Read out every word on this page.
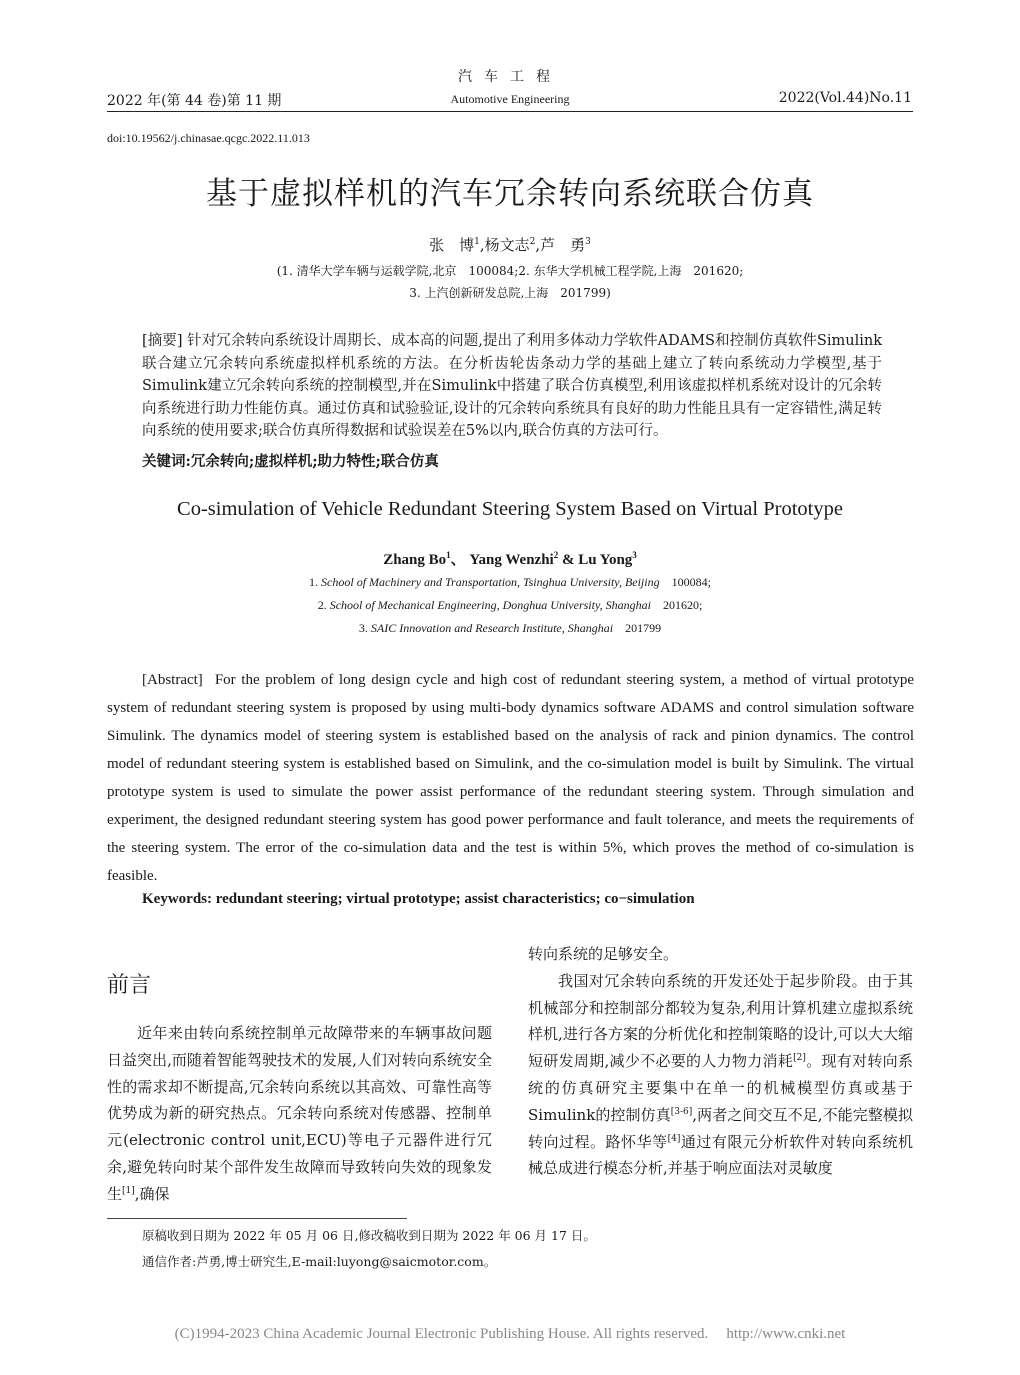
汽车工程
2022 年(第 44 卷)第 11 期	Automotive Engineering	2022(Vol.44)No.11
doi:10.19562/j.chinasae.qcgc.2022.11.013
基于虚拟样机的汽车冗余转向系统联合仿真
张　博$^1$,杨文志$^2$,芦　勇$^3$
(1. 清华大学车辆与运载学院,北京　100084;2. 东华大学机械工程学院,上海　201620;
3. 上汽创新研发总院,上海　201799)
[摘要] 针对冗余转向系统设计周期长、成本高的问题,提出了利用多体动力学软件ADAMS和控制仿真软件Simulink联合建立冗余转向系统虚拟样机系统的方法。在分析齿轮齿条动力学的基础上建立了转向系统动力学模型,基于Simulink建立冗余转向系统的控制模型,并在Simulink中搭建了联合仿真模型,利用该虚拟样机系统对设计的冗余转向系统进行助力性能仿真。通过仿真和试验验证,设计的冗余转向系统具有良好的助力性能且具有一定容错性,满足转向系统的使用要求;联合仿真所得数据和试验误差在5%以内,联合仿真的方法可行。
关键词:冗余转向;虚拟样机;助力特性;联合仿真
Co-simulation of Vehicle Redundant Steering System Based on Virtual Prototype
Zhang Bo$^1$、 Yang Wenzhi$^2$ & Lu Yong$^3$
1. School of Machinery and Transportation, Tsinghua University, Beijing 100084;
2. School of Mechanical Engineering, Donghua University, Shanghai 201620;
3. SAIC Innovation and Research Institute, Shanghai 201799
[Abstract] For the problem of long design cycle and high cost of redundant steering system, a method of virtual prototype system of redundant steering system is proposed by using multi-body dynamics software ADAMS and control simulation software Simulink. The dynamics model of steering system is established based on the analysis of rack and pinion dynamics. The control model of redundant steering system is established based on Simulink, and the co-simulation model is built by Simulink. The virtual prototype system is used to simulate the power assist performance of the redundant steering system. Through simulation and experiment, the designed redundant steering system has good power performance and fault tolerance, and meets the requirements of the steering system. The error of the co-simulation data and the test is within 5%, which proves the method of co-simulation is feasible.
Keywords: redundant steering; virtual prototype; assist characteristics; co−simulation
前言

近年来由转向系统控制单元故障带来的车辆事故问题日益突出,而随着智能驾驶技术的发展,人们对转向系统安全性的需求却不断提高,冗余转向系统以其高效、可靠性高等优势成为新的研究热点。冗余转向系统对传感器、控制单元(electronic control unit,ECU)等电子元器件进行冗余,避免转向时某个部件发生故障而导致转向失效的现象发生[1],确保

转向系统的足够安全。

我国对冗余转向系统的开发还处于起步阶段。由于其机械部分和控制部分都较为复杂,利用计算机建立虚拟系统样机,进行各方案的分析优化和控制策略的设计,可以大大缩短研发周期,减少不必要的人力物力消耗[2]。现有对转向系统的仿真研究主要集中在单一的机械模型仿真或基于Simulink的控制仿真[3-6],两者之间交互不足,不能完整模拟转向过程。路怀华等[4]通过有限元分析软件对转向系统机械总成进行模态分析,并基于响应面法对灵敏度

原稿收到日期为 2022 年 05 月 06 日,修改稿收到日期为 2022 年 06 月 17 日。
通信作者:芦勇,博士研究生,E-mail:luyong@saicmotor.com。
(C)1994-2023 China Academic Journal Electronic Publishing House. All rights reserved. http://www.cnki.net
